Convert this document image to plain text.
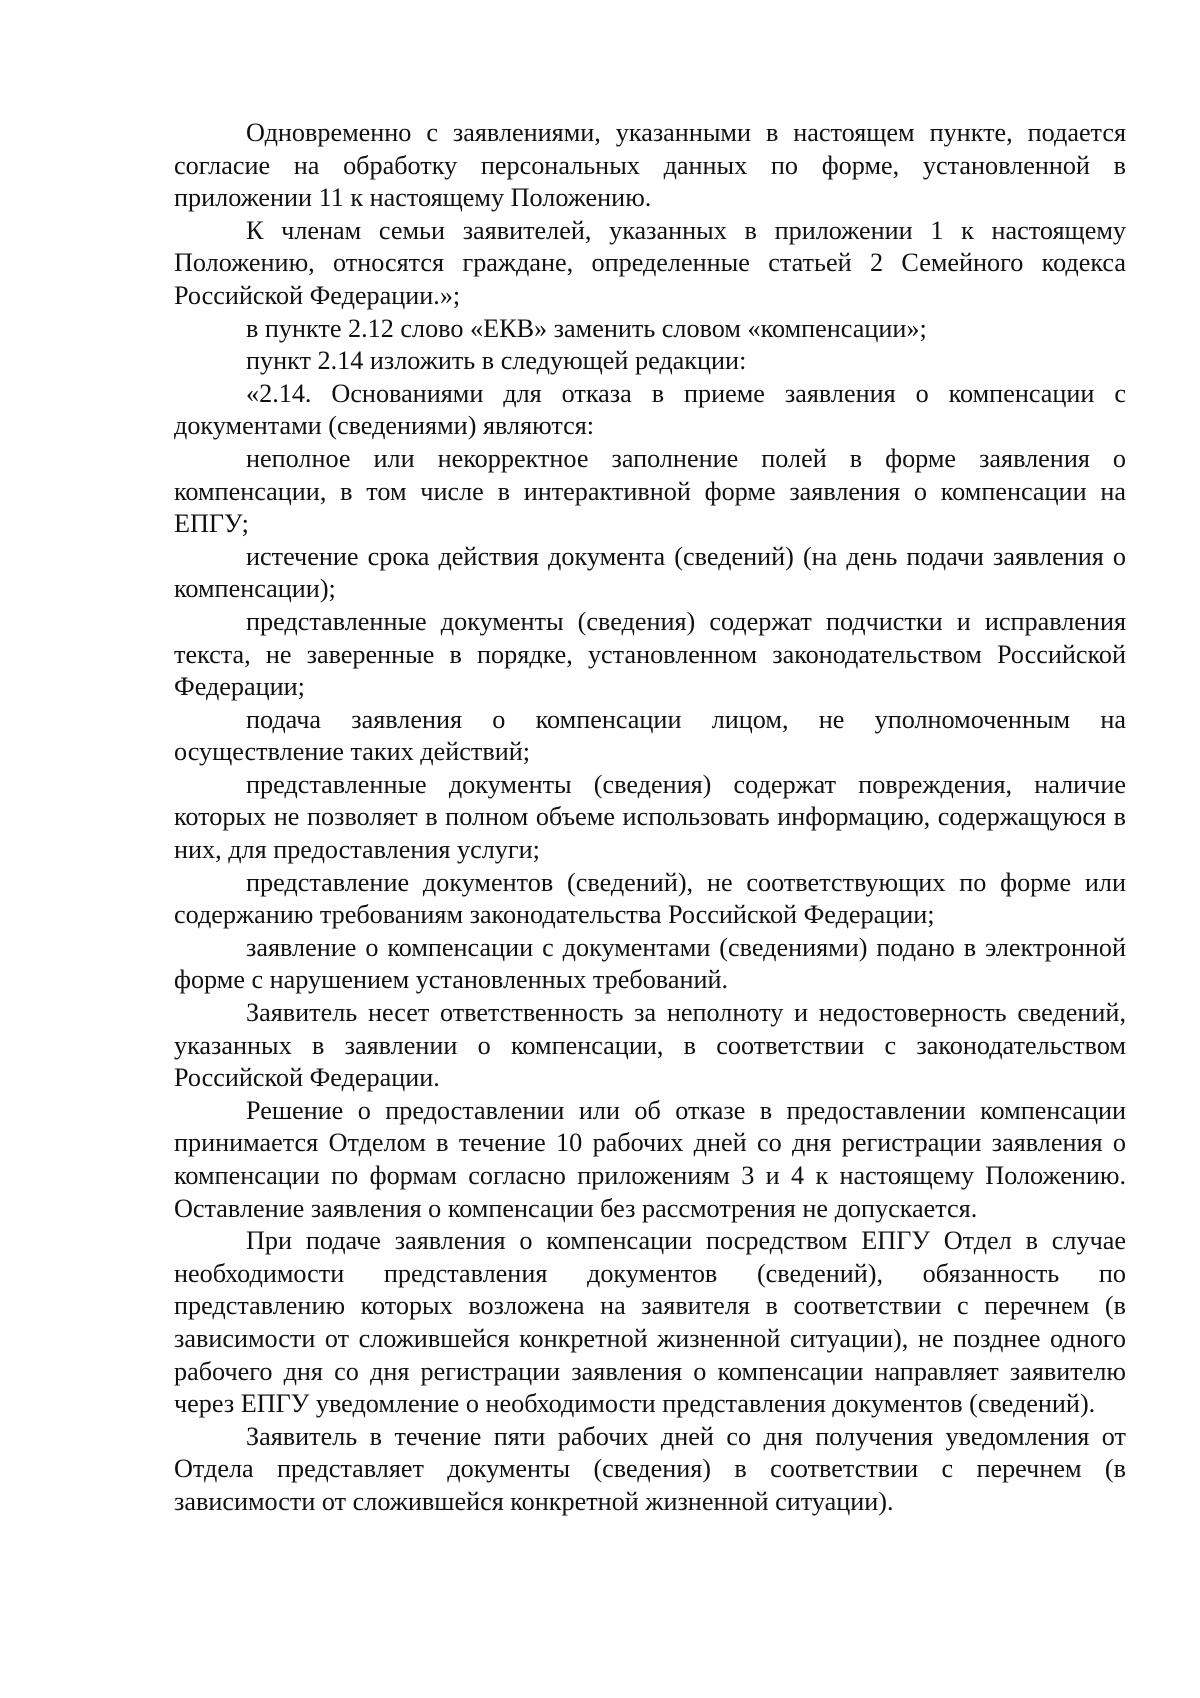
Одновременно с заявлениями, указанными в настоящем пункте, подается согласие на обработку персональных данных по форме, установленной в приложении 11 к настоящему Положению.

К членам семьи заявителей, указанных в приложении 1 к настоящему Положению, относятся граждане, определенные статьей 2 Семейного кодекса Российской Федерации.»;

в пункте 2.12 слово «ЕКВ» заменить словом «компенсации»;

пункт 2.14 изложить в следующей редакции:

«2.14. Основаниями для отказа в приеме заявления о компенсации с документами (сведениями) являются:

неполное или некорректное заполнение полей в форме заявления о компенсации, в том числе в интерактивной форме заявления о компенсации на ЕПГУ;

истечение срока действия документа (сведений) (на день подачи заявления о компенсации);

представленные документы (сведения) содержат подчистки и исправления текста, не заверенные в порядке, установленном законодательством Российской Федерации;

подача заявления о компенсации лицом, не уполномоченным на осуществление таких действий;

представленные документы (сведения) содержат повреждения, наличие которых не позволяет в полном объеме использовать информацию, содержащуюся в них, для предоставления услуги;

представление документов (сведений), не соответствующих по форме или содержанию требованиям законодательства Российской Федерации;

заявление о компенсации с документами (сведениями) подано в электронной форме с нарушением установленных требований.

Заявитель несет ответственность за неполноту и недостоверность сведений, указанных в заявлении о компенсации, в соответствии с законодательством Российской Федерации.

Решение о предоставлении или об отказе в предоставлении компенсации принимается Отделом в течение 10 рабочих дней со дня регистрации заявления о компенсации по формам согласно приложениям 3 и 4 к настоящему Положению. Оставление заявления о компенсации без рассмотрения не допускается.

При подаче заявления о компенсации посредством ЕПГУ Отдел в случае необходимости представления документов (сведений), обязанность по представлению которых возложена на заявителя в соответствии с перечнем (в зависимости от сложившейся конкретной жизненной ситуации), не позднее одного рабочего дня со дня регистрации заявления о компенсации направляет заявителю через ЕПГУ уведомление о необходимости представления документов (сведений).

Заявитель в течение пяти рабочих дней со дня получения уведомления от Отдела представляет документы (сведения) в соответствии с перечнем (в зависимости от сложившейся конкретной жизненной ситуации).
